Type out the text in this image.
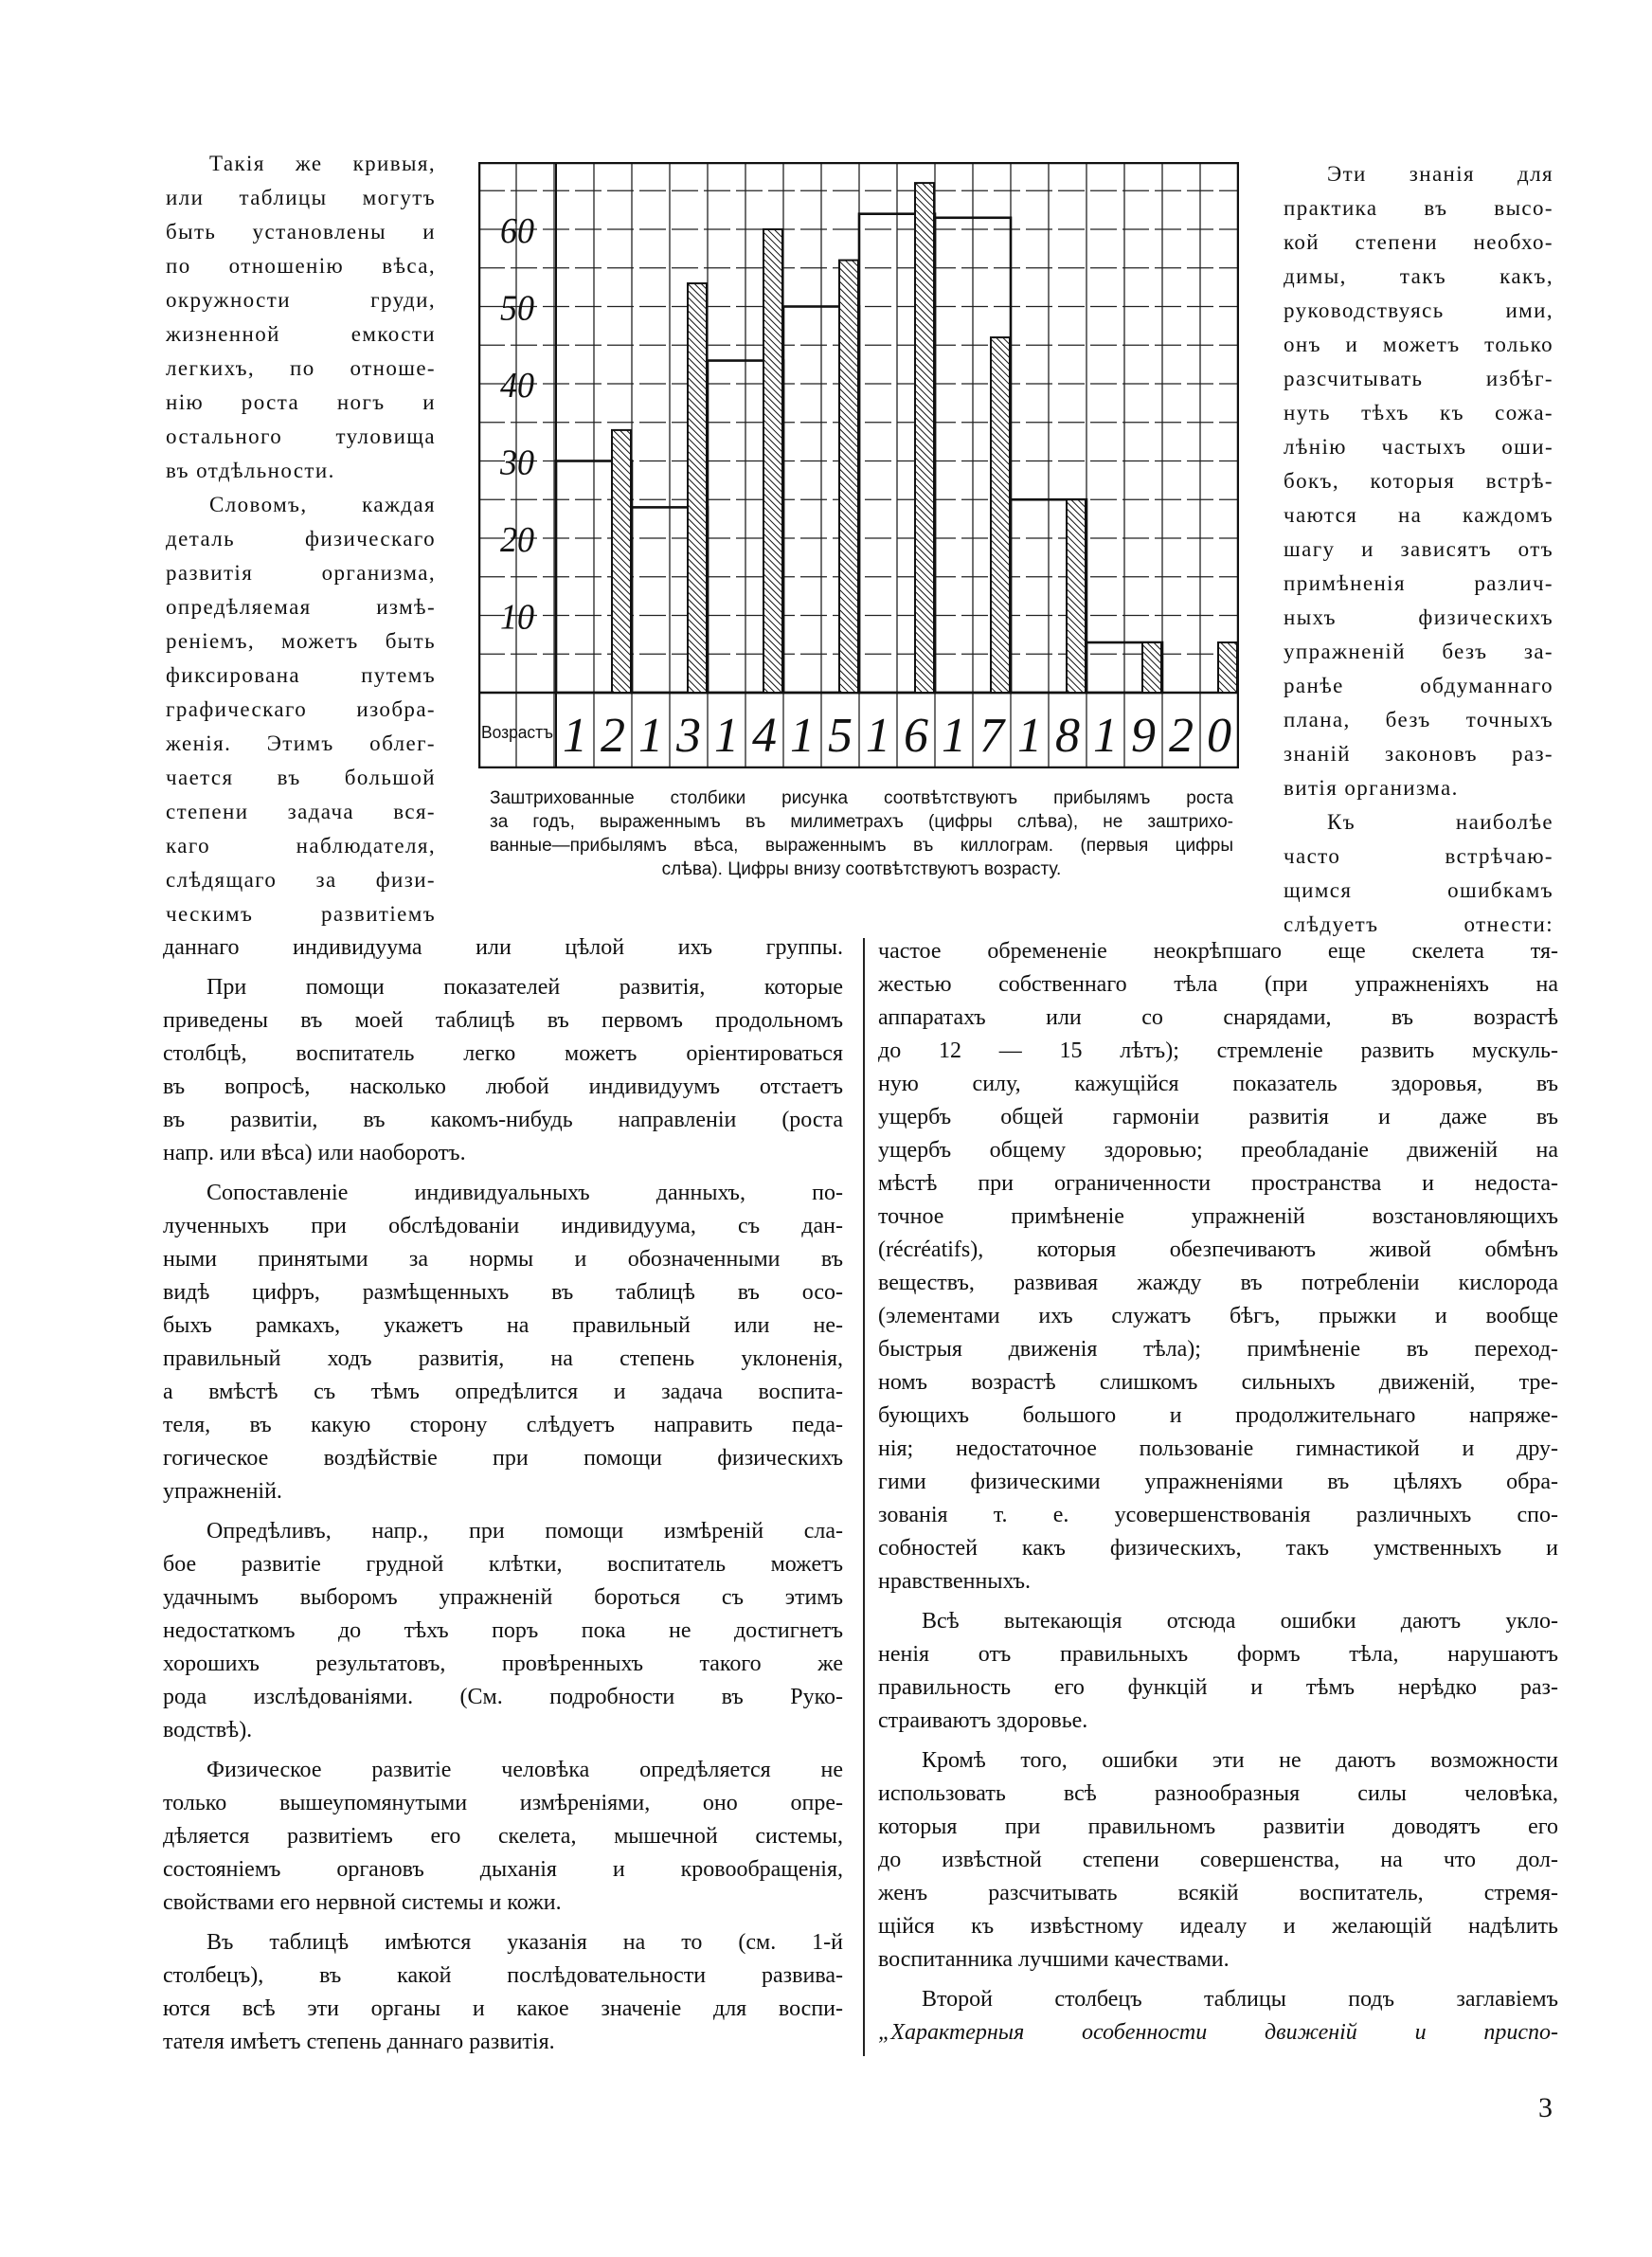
Такія же кривыя,
или таблицы могутъ
быть установлены и
по отношенію вѣса,
окружности груди,
жизненной емкости
легкихъ, по отноше-
нію роста ногъ и
остального туловища
въ отдѣльности.
Словомъ, каждая
деталь физическаго
развитія организма,
опредѣляемая измѣ-
реніемъ, можетъ быть
фиксирована путемъ
графическаго изобра-
женія. Этимъ облег-
чается въ большой
степени задача вся-
каго наблюдателя,
слѣдящаго за физи-
ческимъ развитіемъ
Эти знанія для
практика въ высо-
кой степени необхо-
димы, такъ какъ,
руководствуясь ими,
онъ и можетъ только
разсчитывать избѣг-
нуть тѣхъ къ сожа-
лѣнію частыхъ оши-
бокъ, которыя встрѣ-
чаются на каждомъ
шагу и зависятъ отъ
примѣненія различ-
ныхъ физическихъ
упражненій безъ за-
ранѣе обдуманнаго
плана, безъ точныхъ
знаній законовъ раз-
витія организма.
Къ наиболѣе
часто встрѣчаю-
щимся ошибкамъ
слѣдуетъ отнести:
12 13 14 15 16 17 18 19 20
10
20
30
40
50
60
Возрастъ
Заштрихованные столбики рисунка соотвѣтствуютъ прибылямъ роста
за годъ, выраженнымъ въ милиметрахъ (цифры слѣва), не заштрихо-
ванные—прибылямъ вѣса, выраженнымъ въ киллограм. (первыя цифры
слѣва). Цифры внизу соотвѣтствуютъ возрасту.
даннаго индивидуума или цѣлой ихъ группы.
При помощи показателей развитія, которые
приведены въ моей таблицѣ въ первомъ продольномъ
столбцѣ, воспитатель легко можетъ оріентироваться
въ вопросѣ, насколько любой индивидуумъ отстаетъ
въ развитіи, въ какомъ-нибудь направленіи (роста
напр. или вѣса) или наоборотъ.
Сопоставленіе индивидуальныхъ данныхъ, по-
лученныхъ при обслѣдованіи индивидуума, съ дан-
ными принятыми за нормы и обозначенными въ
видѣ цифръ, размѣщенныхъ въ таблицѣ въ осо-
быхъ рамкахъ, укажетъ на правильный или не-
правильный ходъ развитія, на степень уклоненія,
а вмѣстѣ съ тѣмъ опредѣлится и задача воспита-
теля, въ какую сторону слѣдуетъ направить педа-
гогическое воздѣйствіе при помощи физическихъ
упражненій.
Опредѣливъ, напр., при помощи измѣреній сла-
бое развитіе грудной клѣтки, воспитатель можетъ
удачнымъ выборомъ упражненій бороться съ этимъ
недостаткомъ до тѣхъ поръ пока не достигнетъ
хорошихъ результатовъ, провѣренныхъ такого же
рода изслѣдованіями. (См. подробности въ Руко-
водствѣ).
Физическое развитіе человѣка опредѣляется не
только вышеупомянутыми измѣреніями, оно опре-
дѣляется развитіемъ его скелета, мышечной системы,
состояніемъ органовъ дыханія и кровообращенія,
свойствами его нервной системы и кожи.
Въ таблицѣ имѣются указанія на то (см. 1-й
столбецъ), въ какой послѣдовательности развива-
ются всѣ эти органы и какое значеніе для воспи-
тателя имѣетъ степень даннаго развитія.
частое обремененіе неокрѣпшаго еще скелета тя-
жестью собственнаго тѣла (при упражненіяхъ на
аппаратахъ или со снарядами, въ возрастѣ
до 12 — 15 лѣтъ); стремленіе развить мускуль-
ную силу, кажущійся показатель здоровья, въ
ущербъ общей гармоніи развитія и даже въ
ущербъ общему здоровью; преобладаніе движеній на
мѣстѣ при ограниченности пространства и недоста-
точное примѣненіе упражненій возстановляющихъ
(récréatifs), которыя обезпечиваютъ живой обмѣнъ
веществъ, развивая жажду въ потребленіи кислорода
(элементами ихъ служатъ бѣгъ, прыжки и вообще
быстрыя движенія тѣла); примѣненіе въ переход-
номъ возрастѣ слишкомъ сильныхъ движеній, тре-
бующихъ большого и продолжительнаго напряже-
нія; недостаточное пользованіе гимнастикой и дру-
гими физическими упражненіями въ цѣляхъ обра-
зованія т. е. усовершенствованія различныхъ спо-
собностей какъ физическихъ, такъ умственныхъ и
нравственныхъ.
Всѣ вытекающія отсюда ошибки даютъ укло-
ненія отъ правильныхъ формъ тѣла, нарушаютъ
правильность его функцій и тѣмъ нерѣдко раз-
страиваютъ здоровье.
Кромѣ того, ошибки эти не даютъ возможности
использовать всѣ разнообразныя силы человѣка,
которыя при правильномъ развитіи доводятъ его
до извѣстной степени совершенства, на что дол-
женъ разсчитывать всякій воспитатель, стремя-
щійся къ извѣстному идеалу и желающій надѣлить
воспитанника лучшими качествами.
Второй столбецъ таблицы подъ заглавіемъ
„Характерныя особенности движеній и приспо-
3
